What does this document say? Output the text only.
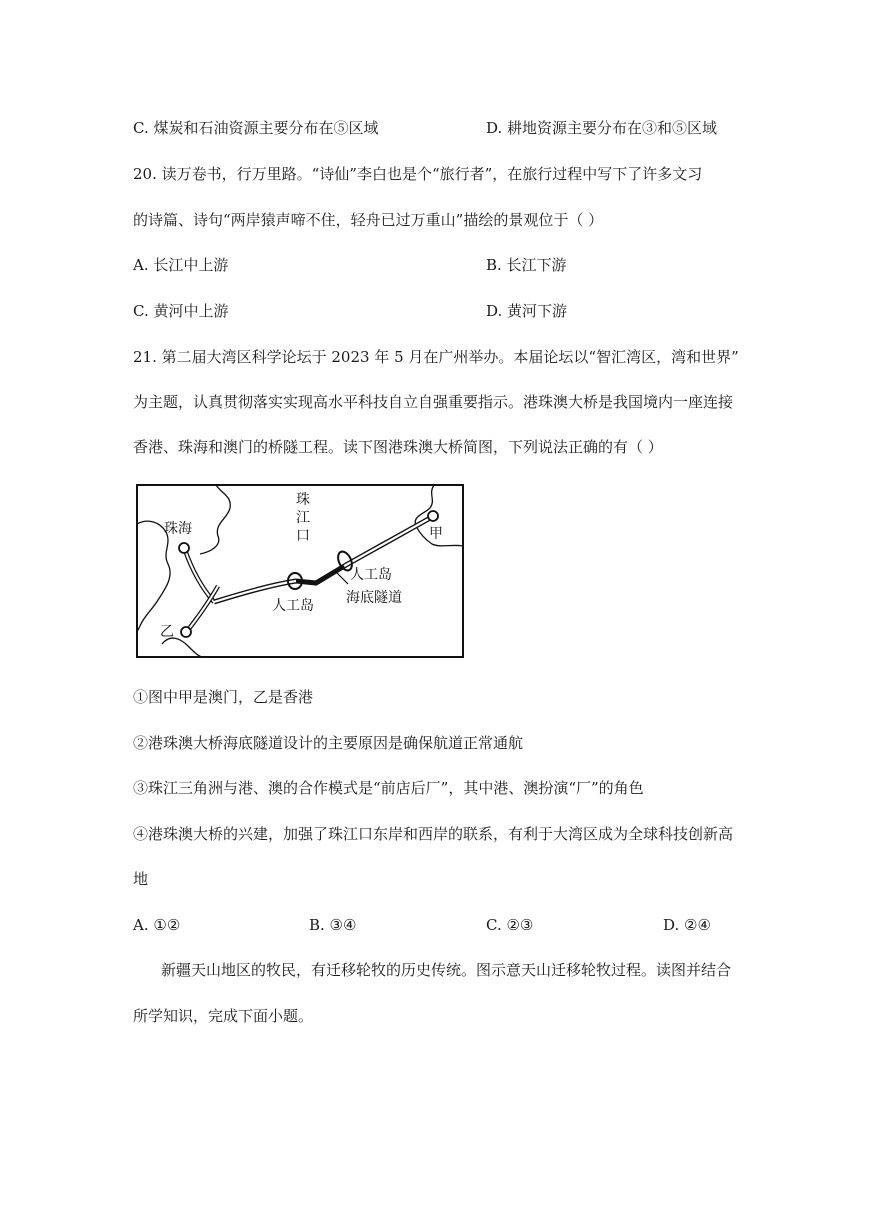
C. 煤炭和石油资源主要分布在⑤区域	D. 耕地资源主要分布在③和⑤区域
20. 读万卷书，行万里路。“诗仙”李白也是个“旅行者”，在旅行过程中写下了许多文习
的诗篇、诗句“两岸猿声啼不住，轻舟已过万重山”描绘的景观位于（ ）
A. 长江中上游	B. 长江下游
C. 黄河中上游	D. 黄河下游
21. 第二届大湾区科学论坛于 2023 年 5 月在广州举办。本届论坛以“智汇湾区，湾和世界”
为主题，认真贯彻落实实现高水平科技自立自强重要指示。港珠澳大桥是我国境内一座连接
香港、珠海和澳门的桥隧工程。读下图港珠澳大桥简图，下列说法正确的有（ ）
珠
江
口
珠海	甲
乙
人工岛
人工岛 海底隧道
①图中甲是澳门，乙是香港
②港珠澳大桥海底隧道设计的主要原因是确保航道正常通航
③珠江三角洲与港、澳的合作模式是“前店后厂”，其中港、澳扮演“厂”的角色
④港珠澳大桥的兴建，加强了珠江口东岸和西岸的联系，有利于大湾区成为全球科技创新高
地
A. ①②	B. ③④	C. ②③	D. ②④
新疆天山地区的牧民，有迁移轮牧的历史传统。图示意天山迁移轮牧过程。读图并结合
所学知识，完成下面小题。
